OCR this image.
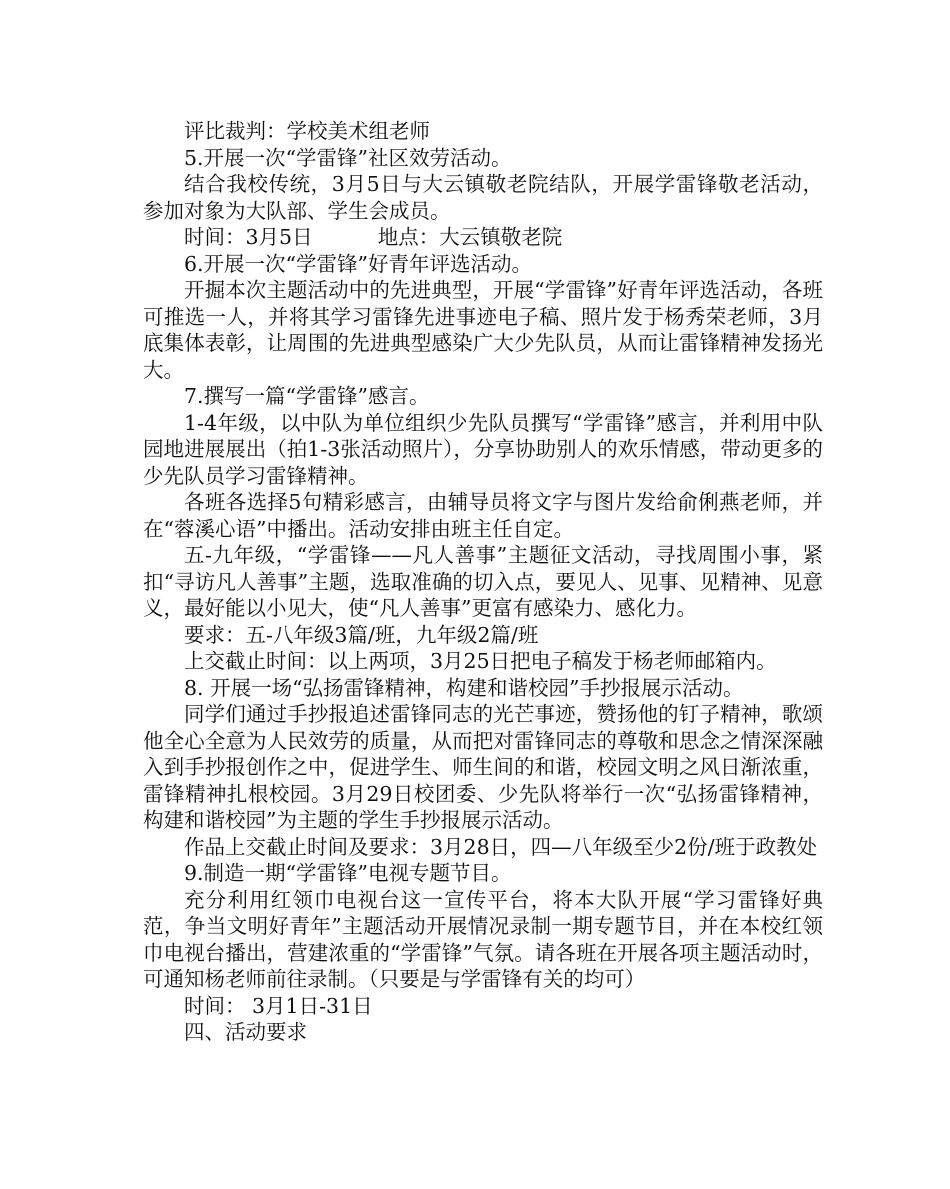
评比裁判：学校美术组老师

5.开展一次“学雷锋”社区效劳活动。

结合我校传统，3月5日与大云镇敬老院结队，开展学雷锋敬老活动，参加对象为大队部、学生会成员。

时间：3月5日          地点：大云镇敬老院

6.开展一次“学雷锋”好青年评选活动。

开掘本次主题活动中的先进典型，开展“学雷锋”好青年评选活动，各班可推选一人，并将其学习雷锋先进事迹电子稿、照片发于杨秀荣老师，3月底集体表彰，让周围的先进典型感染广大少先队员，从而让雷锋精神发扬光大。

7.撰写一篇“学雷锋”感言。

1-4年级，以中队为单位组织少先队员撰写“学雷锋”感言，并利用中队园地进展展出（拍1-3张活动照片），分享协助别人的欢乐情感，带动更多的少先队员学习雷锋精神。

各班各选择5句精彩感言，由辅导员将文字与图片发给俞俐燕老师，并在“蓉溪心语”中播出。活动安排由班主任自定。

五-九年级，“学雷锋——凡人善事”主题征文活动，寻找周围小事，紧扣“寻访凡人善事”主题，选取准确的切入点，要见人、见事、见精神、见意义，最好能以小见大，使“凡人善事”更富有感染力、感化力。

要求：五-八年级3篇/班，九年级2篇/班

上交截止时间：以上两项，3月25日把电子稿发于杨老师邮箱内。

8. 开展一场“弘扬雷锋精神，构建和谐校园”手抄报展示活动。

同学们通过手抄报追述雷锋同志的光芒事迹，赞扬他的钉子精神，歌颂他全心全意为人民效劳的质量，从而把对雷锋同志的尊敬和思念之情深深融入到手抄报创作之中，促进学生、师生间的和谐，校园文明之风日渐浓重，雷锋精神扎根校园。3月29日校团委、少先队将举行一次“弘扬雷锋精神，构建和谐校园”为主题的学生手抄报展示活动。

作品上交截止时间及要求：3月28日，四—八年级至少2份/班于政教处

9.制造一期“学雷锋”电视专题节目。

充分利用红领巾电视台这一宣传平台，将本大队开展“学习雷锋好典范，争当文明好青年”主题活动开展情况录制一期专题节目，并在本校红领巾电视台播出，营建浓重的“学雷锋”气氛。请各班在开展各项主题活动时，可通知杨老师前往录制。（只要是与学雷锋有关的均可）

时间： 3月1日-31日

四、活动要求
